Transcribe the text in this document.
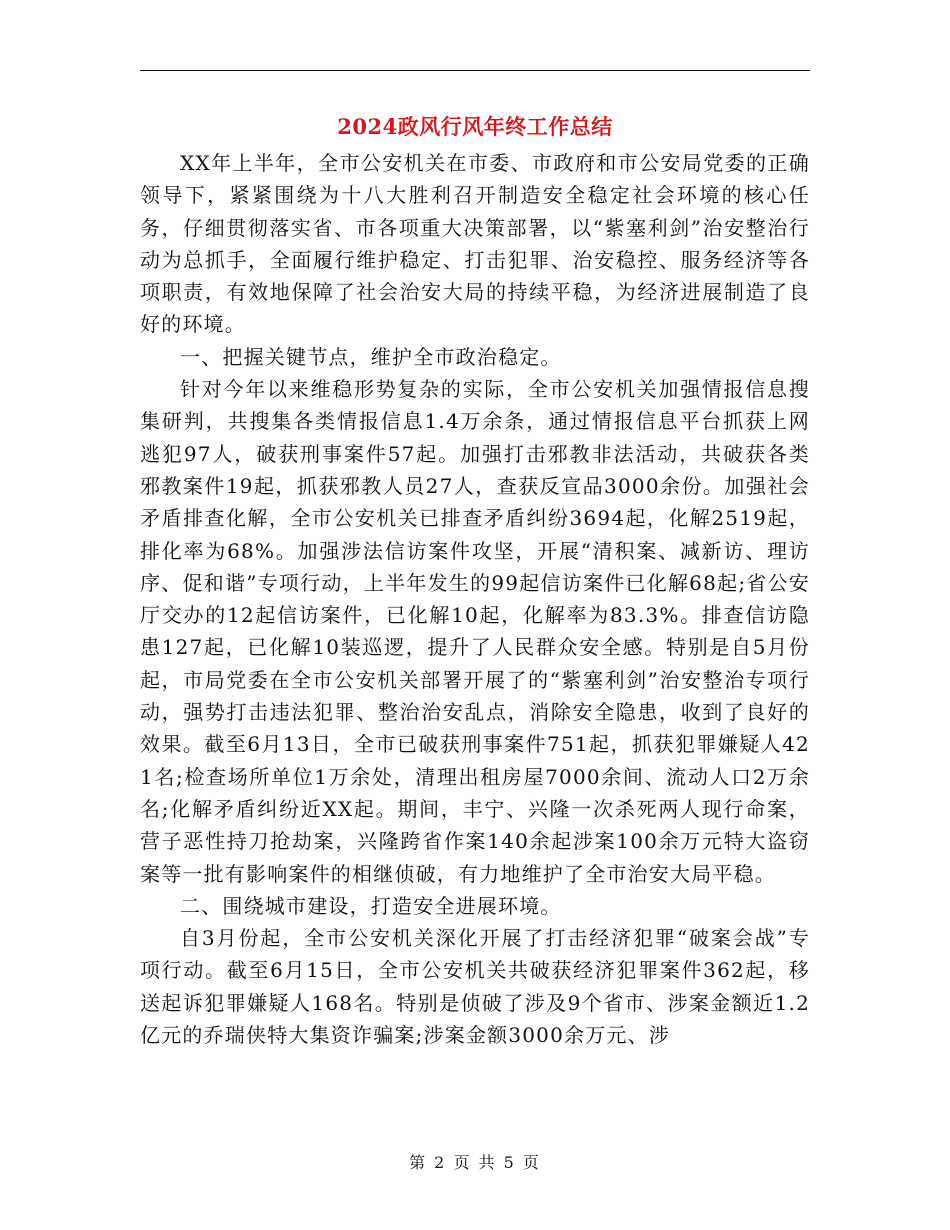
2024政风行风年终工作总结

XX年上半年，全市公安机关在市委、市政府和市公安局党委的正确领导下，紧紧围绕为十八大胜利召开制造安全稳定社会环境的核心任务，仔细贯彻落实省、市各项重大决策部署，以“紫塞利剑”治安整治行动为总抓手，全面履行维护稳定、打击犯罪、治安稳控、服务经济等各项职责，有效地保障了社会治安大局的持续平稳，为经济进展制造了良好的环境。

一、把握关键节点，维护全市政治稳定。

针对今年以来维稳形势复杂的实际，全市公安机关加强情报信息搜集研判，共搜集各类情报信息1.4万余条，通过情报信息平台抓获上网逃犯97人，破获刑事案件57起。加强打击邪教非法活动，共破获各类邪教案件19起，抓获邪教人员27人，查获反宣品3000余份。加强社会矛盾排查化解，全市公安机关已排查矛盾纠纷3694起，化解2519起，排化率为68%。加强涉法信访案件攻坚，开展“清积案、减新访、理访序、促和谐”专项行动，上半年发生的99起信访案件已化解68起;省公安厅交办的12起信访案件，已化解10起，化解率为83.3%。排查信访隐患127起，已化解10装巡逻，提升了人民群众安全感。特别是自5月份起，市局党委在全市公安机关部署开展了的“紫塞利剑”治安整治专项行动，强势打击违法犯罪、整治治安乱点，消除安全隐患，收到了良好的效果。截至6月13日，全市已破获刑事案件751起，抓获犯罪嫌疑人421名;检查场所单位1万余处，清理出租房屋7000余间、流动人口2万余名;化解矛盾纠纷近XX起。期间，丰宁、兴隆一次杀死两人现行命案，营子恶性持刀抢劫案，兴隆跨省作案140余起涉案100余万元特大盗窃案等一批有影响案件的相继侦破，有力地维护了全市治安大局平稳。

二、围绕城市建设，打造安全进展环境。

自3月份起，全市公安机关深化开展了打击经济犯罪“破案会战”专项行动。截至6月15日，全市公安机关共破获经济犯罪案件362起，移送起诉犯罪嫌疑人168名。特别是侦破了涉及9个省市、涉案金额近1.2亿元的乔瑞侠特大集资诈骗案;涉案金额3000余万元、涉

第 2 页 共 5 页
